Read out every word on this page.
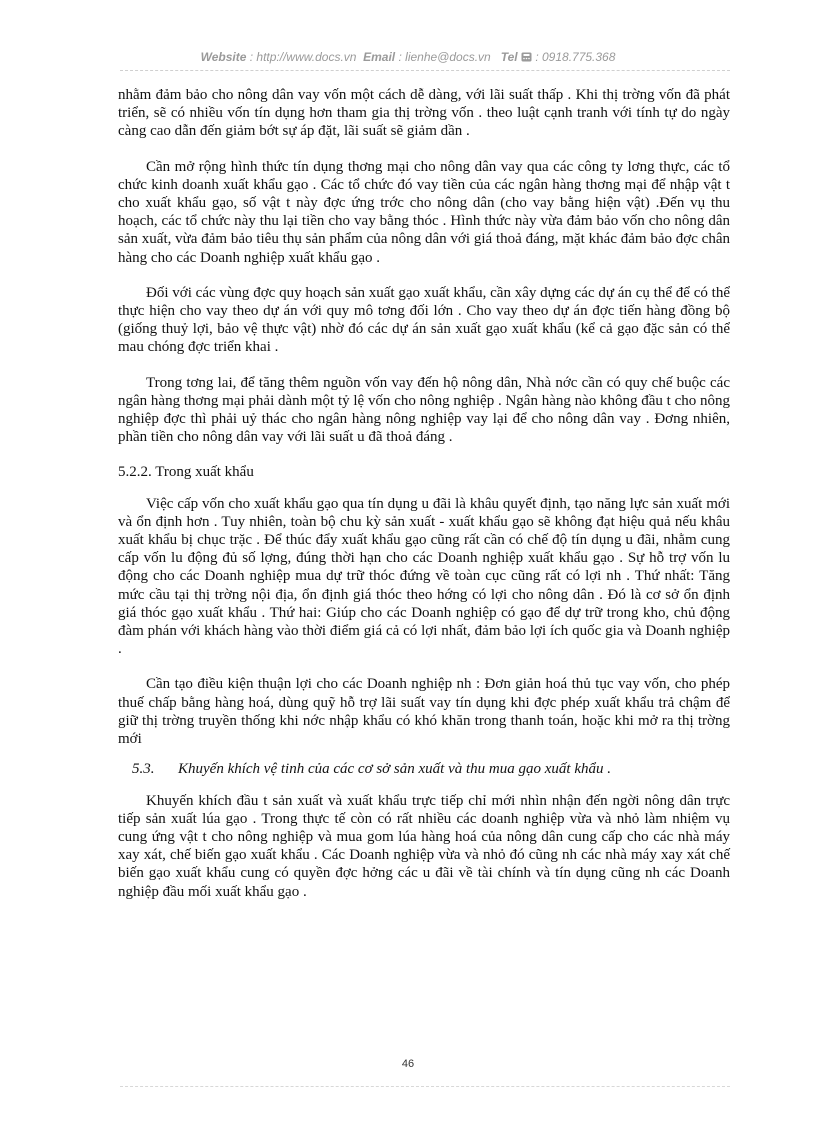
Website : http://www.docs.vn Email : lienhe@docs.vn Tel : 0918.775.368

nhằm đảm bảo cho nông dân vay vốn một cách dễ dàng, với lãi suất thấp . Khi thị trờng vốn đã phát triển, sẽ có nhiều vốn tín dụng hơn tham gia thị trờng vốn . theo luật cạnh tranh với tính tự do ngày càng cao dẫn đến giảm bớt sự áp đặt, lãi suất sẽ giảm dần .

Cần mở rộng hình thức tín dụng thơng mại cho nông dân vay qua các công ty lơng thực, các tổ chức kinh doanh xuất khẩu gạo . Các tổ chức đó vay tiền của các ngân hàng thơng mại để nhập vật t cho xuất khẩu gạo, số vật t này đợc ứng trớc cho nông dân (cho vay bằng hiện vật) .Đến vụ thu hoạch, các tổ chức này thu lại tiền cho vay bằng thóc . Hình thức này vừa đảm bảo vốn cho nông dân sản xuất, vừa đảm bảo tiêu thụ sản phẩm của nông dân với giá thoả đáng, mặt khác đảm bảo đợc chân hàng cho các Doanh nghiệp xuất khẩu gạo .

Đối với các vùng đợc quy hoạch sản xuất gạo xuất khẩu, cần xây dựng các dự án cụ thể để có thể thực hiện cho vay theo dự án với quy mô tơng đối lớn . Cho vay theo dự án đợc tiến hàng đồng bộ (giống thuỷ lợi, bảo vệ thực vật) nhờ đó các dự án sản xuất gạo xuất khẩu (kể cả gạo đặc sản có thể mau chóng đợc triển khai .

Trong tơng lai, để tăng thêm nguồn vốn vay đến hộ nông dân, Nhà nớc cần có quy chế buộc các ngân hàng thơng mại phải dành một tỷ lệ vốn cho nông nghiệp . Ngân hàng nào không đầu t cho nông nghiệp đợc thì phải uỷ thác cho ngân hàng nông nghiệp vay lại để cho nông dân vay . Đơng nhiên, phần tiền cho nông dân vay với lãi suất u đã thoả đáng .

5.2.2. Trong xuất khẩu

Việc cấp vốn cho xuất khẩu gạo qua tín dụng u đãi là khâu quyết định, tạo năng lực sản xuất mới và ổn định hơn . Tuy nhiên, toàn bộ chu kỳ sản xuất - xuất khẩu gạo sẽ không đạt hiệu quả nếu khâu xuất khẩu bị chục trặc . Để thúc đẩy xuất khẩu gạo cũng rất cần có chế độ tín dụng u đãi, nhằm cung cấp vốn lu động đủ số lợng, đúng thời hạn cho các Doanh nghiệp xuất khẩu gạo . Sự hỗ trợ vốn lu động cho các Doanh nghiệp mua dự trữ thóc đứng về toàn cục cũng rất có lợi nh . Thứ nhất: Tăng mức cầu tại thị trờng nội địa, ổn định giá thóc theo hớng có lợi cho nông dân . Đó là cơ sở ổn định giá thóc gạo xuất khẩu . Thứ hai: Giúp cho các Doanh nghiệp có gạo để dự trữ trong kho, chủ động đàm phán với khách hàng vào thời điểm giá cả có lợi nhất, đảm bảo lợi ích quốc gia và Doanh nghiệp .

Cần tạo điều kiện thuận lợi cho các Doanh nghiệp nh : Đơn giản hoá thủ tục vay vốn, cho phép thuế chấp bằng hàng hoá, dùng quỹ hỗ trợ lãi suất vay tín dụng khi đợc phép xuất khẩu trả chậm để giữ thị trờng truyền thống khi nớc nhập khẩu có khó khăn trong thanh toán, hoặc khi mở ra thị trờng mới

5.3. Khuyến khích vệ tinh của các cơ sở sản xuất và thu mua gạo xuất khẩu .

Khuyến khích đầu t sản xuất và xuất khẩu trực tiếp chỉ mới nhìn nhận đến ngời nông dân trực tiếp sản xuất lúa gạo . Trong thực tế còn có rất nhiều các doanh nghiệp vừa và nhỏ làm nhiệm vụ cung ứng vật t cho nông nghiệp và mua gom lúa hàng hoá của nông dân cung cấp cho các nhà máy xay xát, chế biến gạo xuất khẩu . Các Doanh nghiệp vừa và nhỏ đó cũng nh các nhà máy xay xát chế biến gạo xuất khẩu cung có quyền đợc hởng các u đãi về tài chính và tín dụng cũng nh các Doanh nghiệp đầu mối xuất khẩu gạo .

46
